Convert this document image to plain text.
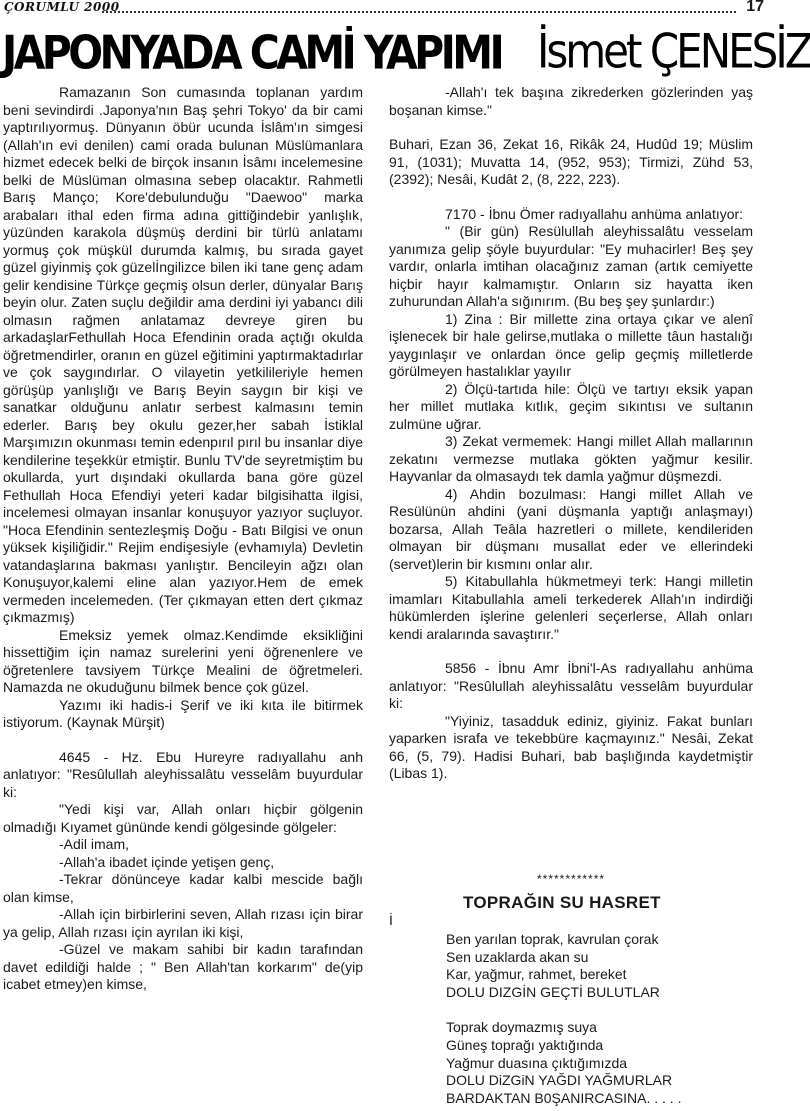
ÇORUMLU 2000	17
JAPONYADA CAMİ YAPIMI İsmet ÇENESİZ

Ramazanın Son cumasında toplanan yardım beni sevindirdi .Japonya'nın Baş şehri Tokyo' da bir cami yaptırılıyormuş. Dünyanın öbür ucunda İslâm'ın simgesi (Allah'ın evi denilen) cami orada bulunan Müslümanlara hizmet edecek belki de birçok insanın İsâmı incelemesine belki de Müslüman olmasına sebep olacaktır. Rahmetli Barış Manço; Kore'debulunduğu "Daewoo" marka arabaları ithal eden firma adına gittiğindebir yanlışlık, yüzünden karakola düşmüş derdini bir türlü anlatamı yormuş çok müşkül durumda kalmış, bu sırada gayet güzel giyinmiş çok güzelİngilizce bilen iki tane genç adam gelir kendisine Türkçe geçmiş olsun derler, dünyalar Barış beyin olur. Zaten suçlu değildir ama derdini iyi yabancı dili olmasın rağmen anlatamaz devreye giren bu arkadaşlarFethullah Hoca Efendinin orada açtığı okulda öğretmendirler, oranın en güzel eğitimini yaptırmaktadırlar ve çok saygındırlar. O vilayetin yetkilileriyle hemen görüşüp yanlışlığı ve Barış Beyin saygın bir kişi ve sanatkar olduğunu anlatır serbest kalmasını temin ederler. Barış bey okulu gezer,her sabah İstiklal Marşımızın okunması temin edenpırıl pırıl bu insanlar diye kendilerine teşekkür etmiştir. Bunlu TV'de seyretmiştim bu okullarda, yurt dışındaki okullarda bana göre güzel Fethullah Hoca Efendiyi yeteri kadar bilgisihatta ilgisi, incelemesi olmayan insanlar konuşuyor yazıyor suçluyor. "Hoca Efendinin sentezleşmiş Doğu - Batı Bilgisi ve onun yüksek kişiliğidir." Rejim endişesiyle (evhamıyla) Devletin vatandaşlarına bakması yanlıştır. Bencileyin ağzı olan Konuşuyor,kalemi eline alan yazıyor.Hem de emek vermeden incelemeden. (Ter çıkmayan etten dert çıkmaz çıkmazmış)

Emeksiz yemek olmaz.Kendimde eksikliğini hissettiğim için namaz surelerini yeni öğrenenlere ve öğretenlere tavsiyem Türkçe Mealini de öğretmeleri. Namazda ne okuduğunu bilmek bence çok güzel.

Yazımı iki hadis-i Şerif ve iki kıta ile bitirmek istiyorum. (Kaynak Mürşit)

4645 - Hz. Ebu Hureyre radıyallahu anh anlatıyor: "Resûlullah aleyhissalâtu vesselâm buyurdular ki:

"Yedi kişi var, Allah onları hiçbir gölgenin olmadığı Kıyamet gününde kendi gölgesinde gölgeler:

-Adil imam,

-Allah'a ibadet içinde yetişen genç,

-Tekrar dönünceye kadar kalbi mescide bağlı olan kimse,

-Allah için birbirlerini seven, Allah rızası için birar ya gelip, Allah rızası için ayrılan iki kişi,

-Güzel ve makam sahibi bir kadın tarafından davet edildiği halde ; " Ben Allah'tan korkarım" de(yip icabet etmey)en kimse,

-Allah'ı tek başına zikrederken gözlerinden yaş boşanan kimse."

Buhari, Ezan 36, Zekat 16, Rikâk 24, Hudûd 19; Müslim 91, (1031); Muvatta 14, (952, 953); Tirmizi, Zühd 53, (2392); Nesâi, Kudât 2, (8, 222, 223).

7170 - İbnu Ömer radıyallahu anhüma anlatıyor:

" (Bir gün) Resülullah aleyhissalâtu vesselam yanımıza gelip şöyle buyurdular: "Ey muhacirler! Beş şey vardır, onlarla imtihan olacağınız zaman (artık cemiyette hiçbir hayır kalmamıştır. Onların siz hayatta iken zuhurundan Allah'a sığınırım. (Bu beş şey şunlardır:)

1) Zina : Bir millette zina ortaya çıkar ve alenî işlenecek bir hale gelirse,mutlaka o millette tâun hastalığı yaygınlaşır ve onlardan önce gelip geçmiş milletlerde görülmeyen hastalıklar yayılır

2) Ölçü-tartıda hile: Ölçü ve tartıyı eksik yapan her millet mutlaka kıtlık, geçim sıkıntısı ve sultanın zulmüne uğrar.

3) Zekat vermemek: Hangi millet Allah mallarının zekatını vermezse mutlaka gökten yağmur kesilir. Hayvanlar da olmasaydı tek damla yağmur düşmezdi.

4) Ahdin bozulması: Hangi millet Allah ve Resülünün ahdini (yani düşmanla yaptığı anlaşmayı) bozarsa, Allah Teâla hazretleri o millete, kendileriden olmayan bir düşmanı musallat eder ve ellerindeki (servet)lerin bir kısmını onlar alır.

5) Kitabullahla hükmetmeyi terk: Hangi milletin imamları Kitabullahla ameli terkederek Allah'ın indirdiği hükümlerden işlerine gelenleri seçerlerse, Allah onları kendi aralarında savaştırır."

5856 - İbnu Amr İbni'l-As radıyallahu anhüma anlatıyor: "Resûlullah aleyhissalâtu vesselâm buyurdular ki:

"Yiyiniz, tasadduk ediniz, giyiniz. Fakat bunları yaparken israfa ve tekebbüre kaçmayınız." Nesâi, Zekat 66, (5, 79). Hadisi Buhari, bab başlığında kaydetmiştir (Libas 1).

************
TOPRAĞIN SU HASRET
İ

Ben yarılan toprak, kavrulan çorak

Sen uzaklarda akan su

Kar, yağmur, rahmet, bereket

DOLU DIZGİN GEÇTİ BULUTLAR

Toprak doymazmış suya

Güneş toprağı yaktığında

Yağmur duasına çıktığımızda

DOLU DiZGiN YAĞDI YAĞMURLAR

BARDAKTAN B0ŞANIRCASINA. . . . .
